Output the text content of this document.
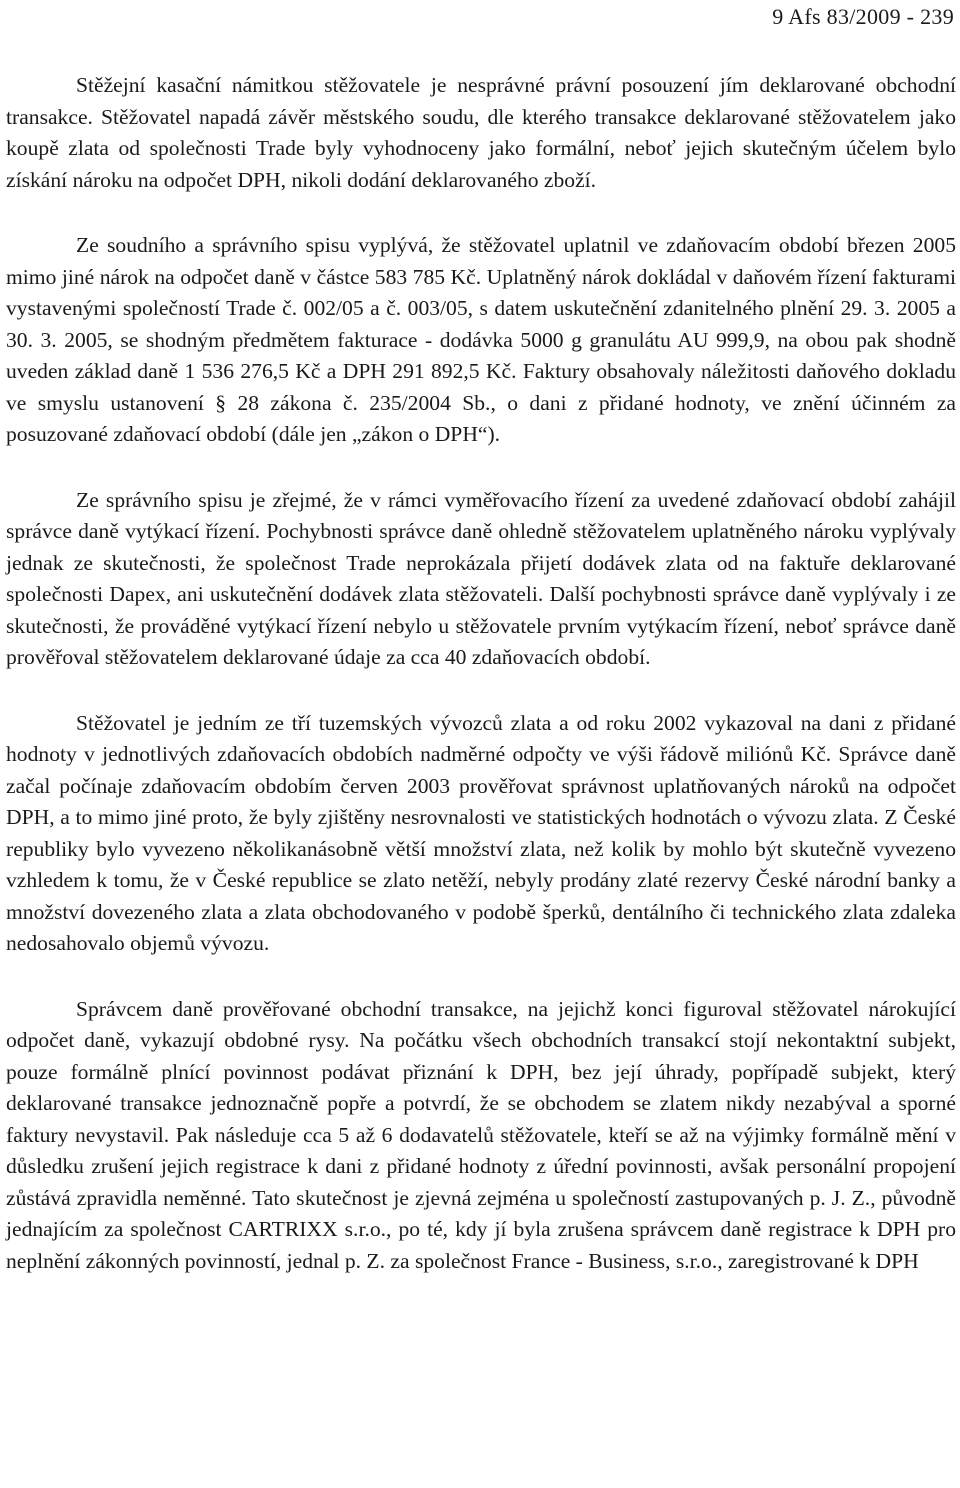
9 Afs 83/2009 - 239

Stěžejní kasační námitkou stěžovatele je nesprávné právní posouzení jím deklarované obchodní transakce. Stěžovatel napadá závěr městského soudu, dle kterého transakce deklarované stěžovatelem jako koupě zlata od společnosti Trade byly vyhodnoceny jako formální, neboť jejich skutečným účelem bylo získání nároku na odpočet DPH, nikoli dodání deklarovaného zboží.

Ze soudního a správního spisu vyplývá, že stěžovatel uplatnil ve zdaňovacím období březen 2005 mimo jiné nárok na odpočet daně v částce 583 785 Kč. Uplatněný nárok dokládal v daňovém řízení fakturami vystavenými společností Trade č. 002/05 a č. 003/05, s datem uskutečnění zdanitelného plnění 29. 3. 2005 a 30. 3. 2005, se shodným předmětem fakturace - dodávka 5000 g granulátu AU 999,9, na obou pak shodně uveden základ daně 1 536 276,5 Kč a DPH 291 892,5 Kč. Faktury obsahovaly náležitosti daňového dokladu ve smyslu ustanovení § 28 zákona č. 235/2004 Sb., o dani z přidané hodnoty, ve znění účinném za posuzované zdaňovací období (dále jen „zákon o DPH“).

Ze správního spisu je zřejmé, že v rámci vyměřovacího řízení za uvedené zdaňovací období zahájil správce daně vytýkací řízení. Pochybnosti správce daně ohledně stěžovatelem uplatněného nároku vyplývaly jednak ze skutečnosti, že společnost Trade neprokázala přijetí dodávek zlata od na faktuře deklarované společnosti Dapex, ani uskutečnění dodávek zlata stěžovateli. Další pochybnosti správce daně vyplývaly i ze skutečnosti, že prováděné vytýkací řízení nebylo u stěžovatele prvním vytýkacím řízení, neboť správce daně prověřoval stěžovatelem deklarované údaje za cca 40 zdaňovacích období.

Stěžovatel je jedním ze tří tuzemských vývozců zlata a od roku 2002 vykazoval na dani z přidané hodnoty v jednotlivých zdaňovacích obdobích nadměrné odpočty ve výši řádově miliónů Kč. Správce daně začal počínaje zdaňovacím obdobím červen 2003 prověřovat správnost uplatňovaných nároků na odpočet DPH, a to mimo jiné proto, že byly zjištěny nesrovnalosti ve statistických hodnotách o vývozu zlata. Z České republiky bylo vyvezeno několikanásobně větší množství zlata, než kolik by mohlo být skutečně vyvezeno vzhledem k tomu, že v České republice se zlato netěží, nebyly prodány zlaté rezervy České národní banky a množství dovezeného zlata a zlata obchodovaného v podobě šperků, dentálního či technického zlata zdaleka nedosahovalo objemů vývozu.

Správcem daně prověřované obchodní transakce, na jejichž konci figuroval stěžovatel nárokující odpočet daně, vykazují obdobné rysy. Na počátku všech obchodních transakcí stojí nekontaktní subjekt, pouze formálně plnící povinnost podávat přiznání k DPH, bez její úhrady, popřípadě subjekt, který deklarované transakce jednoznačně popře a potvrdí, že se obchodem se zlatem nikdy nezabýval a sporné faktury nevystavil. Pak následuje cca 5 až 6 dodavatelů stěžovatele, kteří se až na výjimky formálně mění v důsledku zrušení jejich registrace k dani z přidané hodnoty z úřední povinnosti, avšak personální propojení zůstává zpravidla neměnné. Tato skutečnost je zjevná zejména u společností zastupovaných p. J. Z., původně jednajícím za společnost CARTRIXX s.r.o., po té, kdy jí byla zrušena správcem daně registrace k DPH pro neplnění zákonných povinností, jednal p. Z. za společnost France - Business, s.r.o., zaregistrované k DPH
